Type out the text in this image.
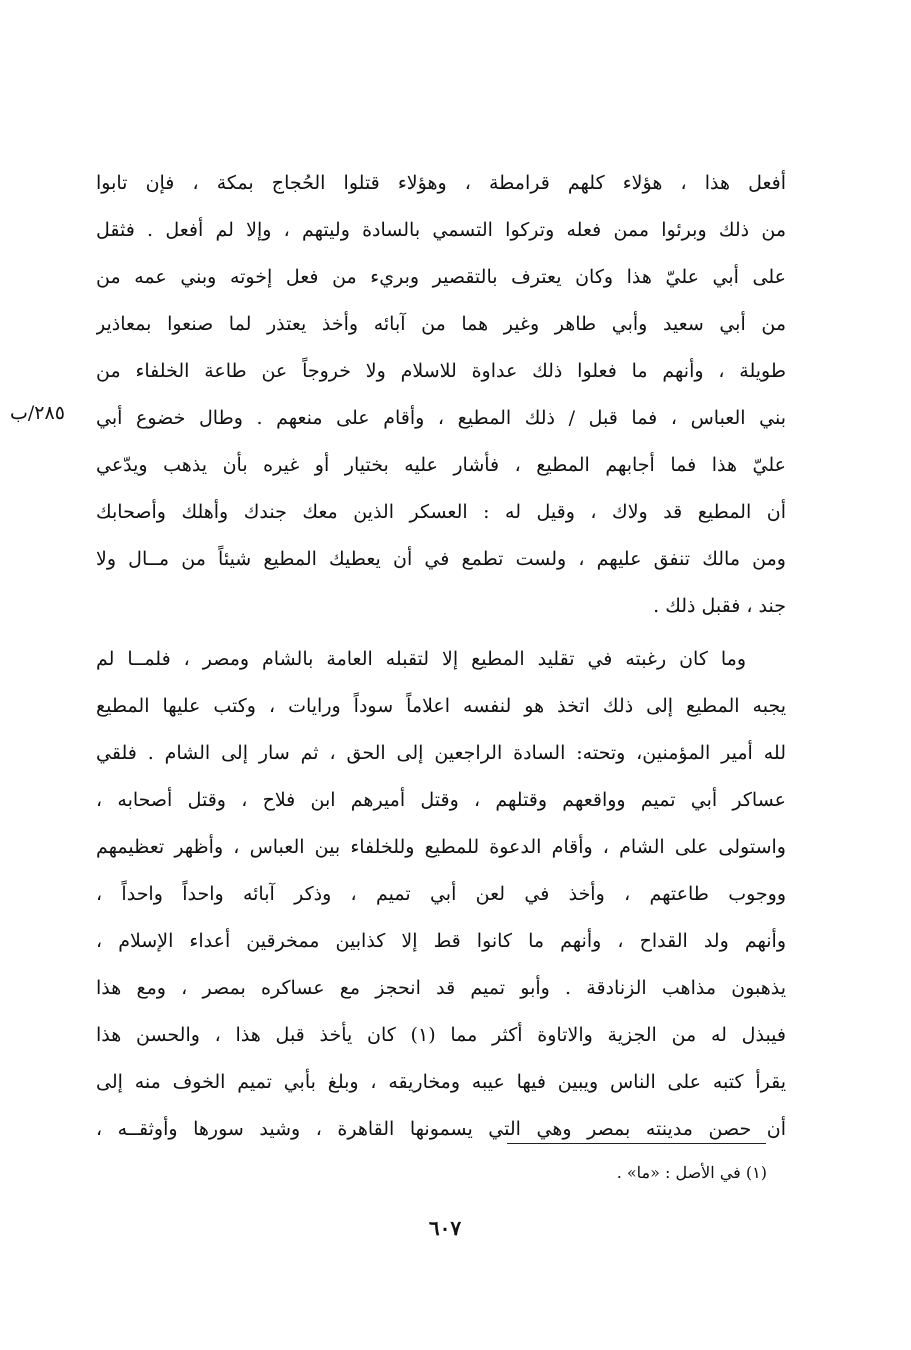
٢٨٥/ب
أفعل هذا ، هؤلاء كلهم قرامطة ، وهؤلاء قتلوا الحُجاج بمكة ، فإن تابوا
من ذلك وبرئوا ممن فعله وتركوا التسمي بالسادة وليتهم ، وإلا لم أفعل . فثقل
على أبي عليّ هذا وكان يعترف بالتقصير وبريء من فعل إخوته وبني عمه من
من أبي سعيد وأبي طاهر وغير هما من آبائه وأخذ يعتذر لما صنعوا بمعاذير
طويلة ، وأنهم ما فعلوا ذلك عداوة للاسلام ولا خروجاً عن طاعة الخلفاء من
بني العباس ، فما قبل / ذلك المطيع ، وأقام على منعهم . وطال خضوع أبي
عليّ هذا فما أجابهم المطيع ، فأشار عليه بختيار أو غيره بأن يذهب ويدّعي
أن المطيع قد ولاك ، وقيل له : العسكر الذين معك جندك وأهلك وأصحابك
ومن مالك تنفق عليهم ، ولست تطمع في أن يعطيك المطيع شيئاً من مــال ولا
جند ، فقبل ذلك .
وما كان رغبته في تقليد المطيع إلا لتقبله العامة بالشام ومصر ، فلمــا لم
يجبه المطيع إلى ذلك اتخذ هو لنفسه اعلاماً سوداً ورايات ، وكتب عليها المطيع
لله أمير المؤمنين، وتحته: السادة الراجعين إلى الحق ، ثم سار إلى الشام . فلقي
عساكر أبي تميم وواقعهم وقتلهم ، وقتل أميرهم ابن فلاح ، وقتل أصحابه ،
واستولى على الشام ، وأقام الدعوة للمطيع وللخلفاء بين العباس ، وأظهر تعظيمهم
ووجوب طاعتهم ، وأخذ في لعن أبي تميم ، وذكر آبائه واحداً واحداً ،
وأنهم ولد القداح ، وأنهم ما كانوا قط إلا كذابين ممخرقين أعداء الإسلام ،
يذهبون مذاهب الزنادقة . وأبو تميم قد انحجز مع عساكره بمصر ، ومع هذا
فيبذل له من الجزية والاتاوة أكثر مما (١) كان يأخذ قبل هذا ، والحسن هذا
يقرأ كتبه على الناس ويبين فيها عيبه ومخاريقه ، وبلغ بأبي تميم الخوف منه إلى
أن حصن مدينته بمصر وهي التي يسمونها القاهرة ، وشيد سورها وأوثقــه ،
(١) في الأصل : «ما» .
٦٠٧
